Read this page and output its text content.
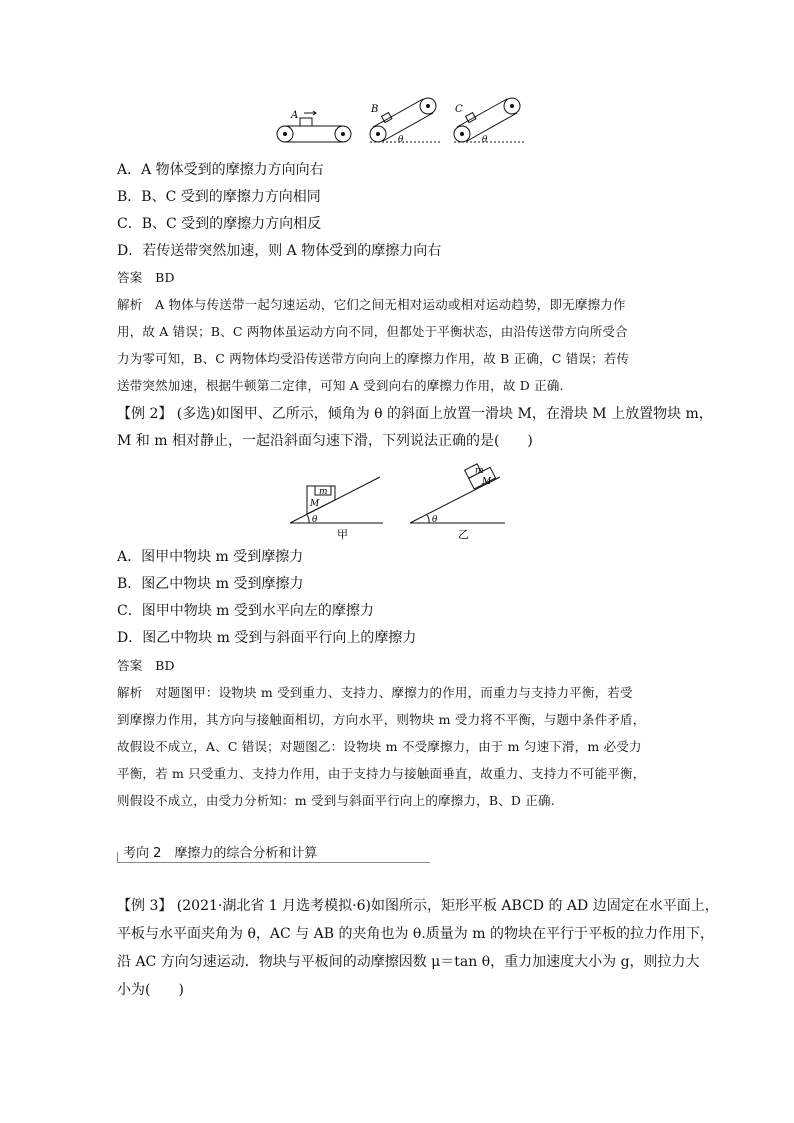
A
B
θ
C
θ
A．A 物体受到的摩擦力方向向右
B．B、C 受到的摩擦力方向相同
C．B、C 受到的摩擦力方向相反
D．若传送带突然加速，则 A 物体受到的摩擦力向右
答案　BD
解析　A 物体与传送带一起匀速运动，它们之间无相对运动或相对运动趋势，即无摩擦力作
用，故 A 错误；B、C 两物体虽运动方向不同，但都处于平衡状态，由沿传送带方向所受合
力为零可知，B、C 两物体均受沿传送带方向向上的摩擦力作用，故 B 正确，C 错误；若传
送带突然加速，根据牛顿第二定律，可知 A 受到向右的摩擦力作用，故 D 正确.
【例 2】 (多选)如图甲、乙所示，倾角为 θ 的斜面上放置一滑块 M，在滑块 M 上放置物块 m，
M 和 m 相对静止，一起沿斜面匀速下滑，下列说法正确的是(　　)
m
M
θ
甲
m
M
θ
乙
A．图甲中物块 m 受到摩擦力
B．图乙中物块 m 受到摩擦力
C．图甲中物块 m 受到水平向左的摩擦力
D．图乙中物块 m 受到与斜面平行向上的摩擦力
答案　BD
解析　对题图甲：设物块 m 受到重力、支持力、摩擦力的作用，而重力与支持力平衡，若受
到摩擦力作用，其方向与接触面相切，方向水平，则物块 m 受力将不平衡，与题中条件矛盾，
故假设不成立，A、C 错误；对题图乙：设物块 m 不受摩擦力，由于 m 匀速下滑，m 必受力
平衡，若 m 只受重力、支持力作用，由于支持力与接触面垂直，故重力、支持力不可能平衡，
则假设不成立，由受力分析知：m 受到与斜面平行向上的摩擦力，B、D 正确.
考向 2　摩擦力的综合分析和计算
【例 3】 (2021·湖北省 1 月选考模拟·6)如图所示，矩形平板 ABCD 的 AD 边固定在水平面上，
平板与水平面夹角为 θ，AC 与 AB 的夹角也为 θ.质量为 m 的物块在平行于平板的拉力作用下，
沿 AC 方向匀速运动．物块与平板间的动摩擦因数 μ＝tan θ，重力加速度大小为 g，则拉力大
小为(　　)
